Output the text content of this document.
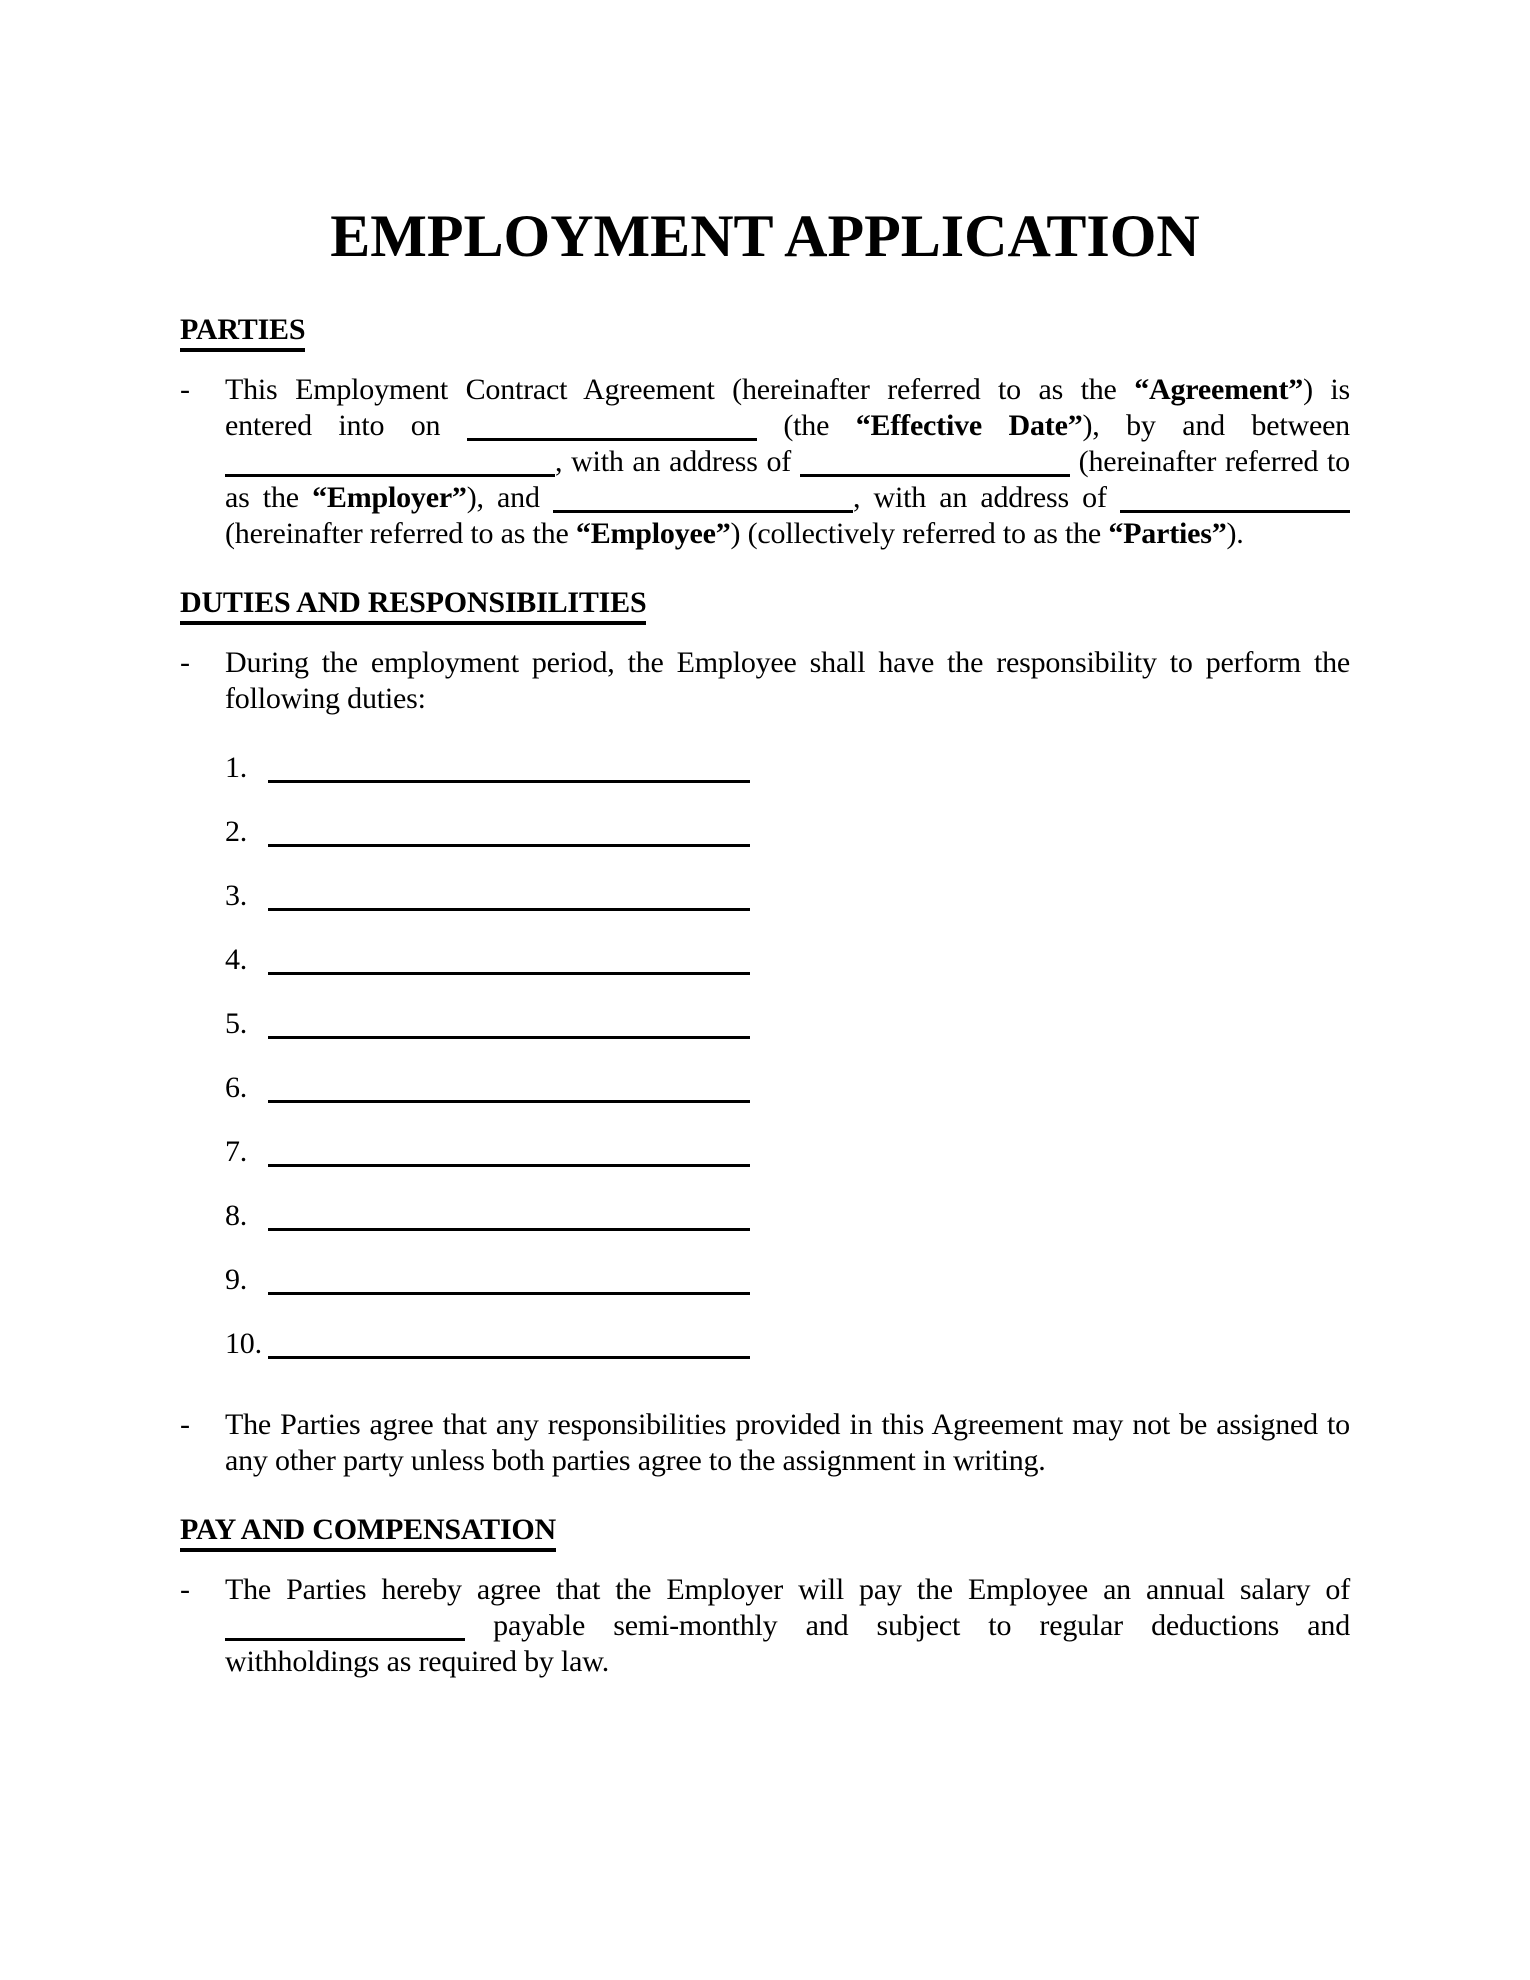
EMPLOYMENT APPLICATION
PARTIES
- This Employment Contract Agreement (hereinafter referred to as the “Agreement”) is
entered into on	(the “Effective Date”), by and between
, with an address of	(hereinafter referred to
as the “Employer”), and	, with an address of
(hereinafter referred to as the “Employee”) (collectively referred to as the “Parties”).
DUTIES AND RESPONSIBILITIES
- During the employment period, the Employee shall have the responsibility to perform the
following duties:
1.
2.
3.
4.
5.
6.
7.
8.
9.
10.
- The Parties agree that any responsibilities provided in this Agreement may not be assigned to
any other party unless both parties agree to the assignment in writing.
PAY AND COMPENSATION
- The Parties hereby agree that the Employer will pay the Employee an annual salary of
payable semi-monthly and subject to regular deductions and
withholdings as required by law.
